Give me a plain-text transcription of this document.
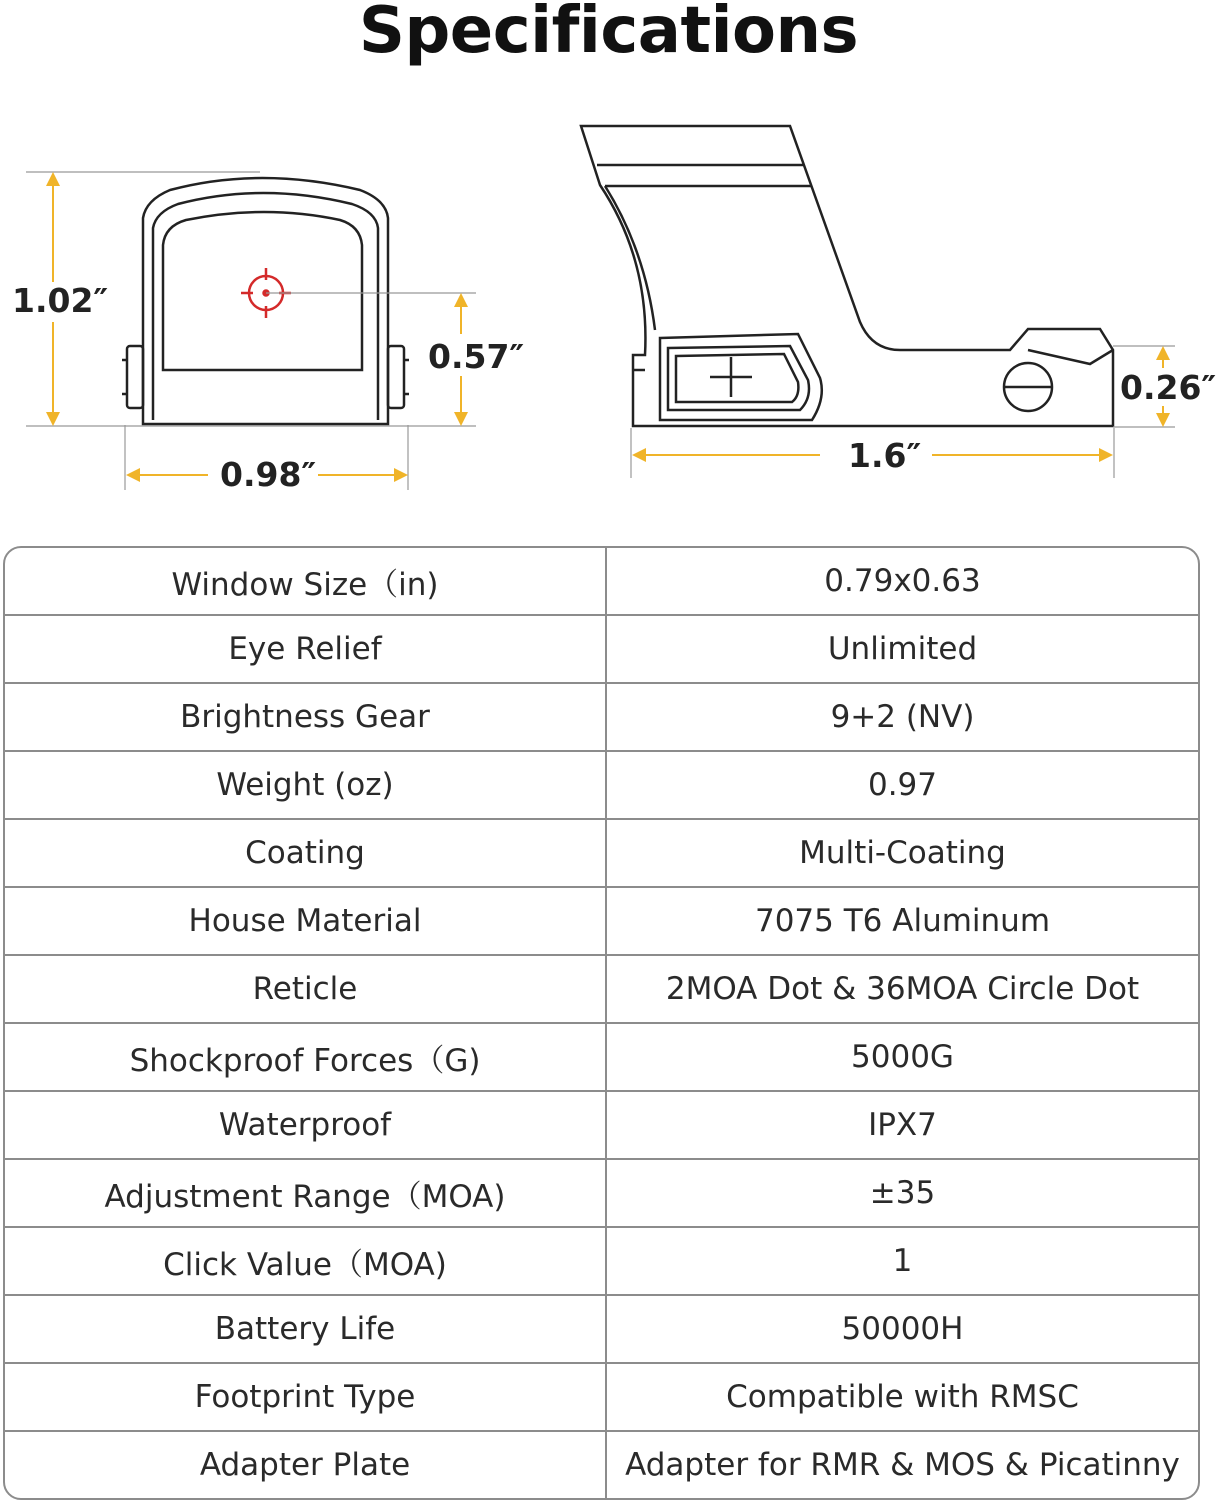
Specifications
1.02″
0.57″
0.98″	1.6″
0.26″
Window Size（in)	0.79x0.63
Eye Relief	Unlimited
Brightness Gear	9+2 (NV)
Weight (oz)	0.97
Coating	Multi-Coating
House Material	7075 T6 Aluminum
Reticle	2MOA Dot & 36MOA Circle Dot
Shockproof Forces（G)	5000G
Waterproof	IPX7
Adjustment Range（MOA)	±35
Click Value（MOA)	1
Battery Life	50000H
Footprint Type	Compatible with RMSC
Adapter Plate	Adapter for RMR & MOS & Picatinny
